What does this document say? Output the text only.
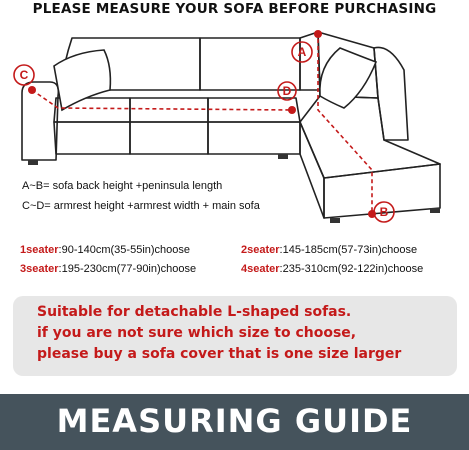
PLEASE MEASURE YOUR SOFA BEFORE PURCHASING
C
D
A
B
A~B= sofa back height +peninsula length
C~D= armrest height +armrest width + main sofa
1seater:90-140cm(35-55in)choose	2seater:145-185cm(57-73in)choose
3seater:195-230cm(77-90in)choose	4seater:235-310cm(92-122in)choose
Suitable for detachable L-shaped sofas.
if you are not sure which size to choose,
please buy a sofa cover that is one size larger
MEASURING GUIDE
